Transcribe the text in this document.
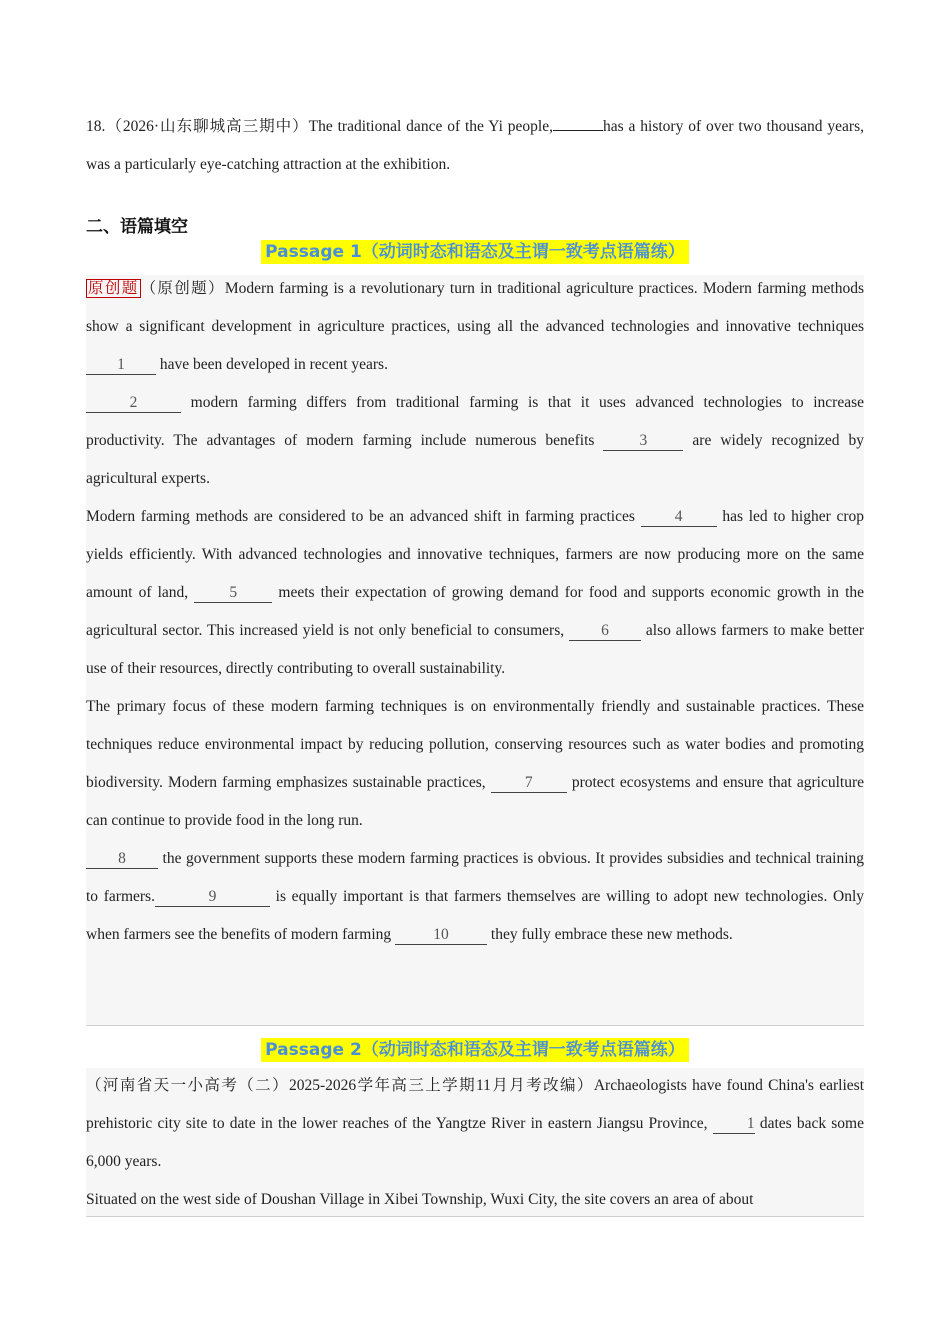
18.（2026·山东聊城高三期中）The traditional dance of the Yi people,	has a history of over two thousand years, was a particularly eye-catching attraction at the exhibition.
二、语篇填空
Passage 1（动词时态和语态及主谓一致考点语篇练）

原创题 （原创题）Modern farming is a revolutionary turn in traditional agriculture practices. Modern farming methods show a significant development in agriculture practices, using all the advanced technologies and innovative techniques 1 have been developed in recent years.

2	modern farming differs from traditional farming is that it uses advanced technologies to increase productivity. The advantages of modern farming include numerous benefits 3 are widely recognized by agricultural experts.

Modern farming methods are considered to be an advanced shift in farming practices 4 has led to higher crop yields efficiently. With advanced technologies and innovative techniques, farmers are now producing more on the same amount of land, 5 meets their expectation of growing demand for food and supports economic growth in the agricultural sector. This increased yield is not only beneficial to consumers, 6 also allows farmers to make better use of their resources, directly contributing to overall sustainability.

The primary focus of these modern farming techniques is on environmentally friendly and sustainable practices. These techniques reduce environmental impact by reducing pollution, conserving resources such as water bodies and promoting biodiversity. Modern farming emphasizes sustainable practices, 7 protect ecosystems and ensure that agriculture can continue to provide food in the long run.

8 the government supports these modern farming practices is obvious. It provides subsidies and technical training to farmers.	9	is equally important is that farmers themselves are willing to adopt new technologies. Only when farmers see the benefits of modern farming 10 they fully embrace these new methods.

Passage 2（动词时态和语态及主谓一致考点语篇练）

（河南省天一小高考（二）2025-2026学年高三上学期11月月考改编）Archaeologists have found China's earliest prehistoric city site to date in the lower reaches of the Yangtze River in eastern Jiangsu Province, 1 dates back some 6,000 years.

Situated on the west side of Doushan Village in Xibei Township, Wuxi City, the site covers an area of about
